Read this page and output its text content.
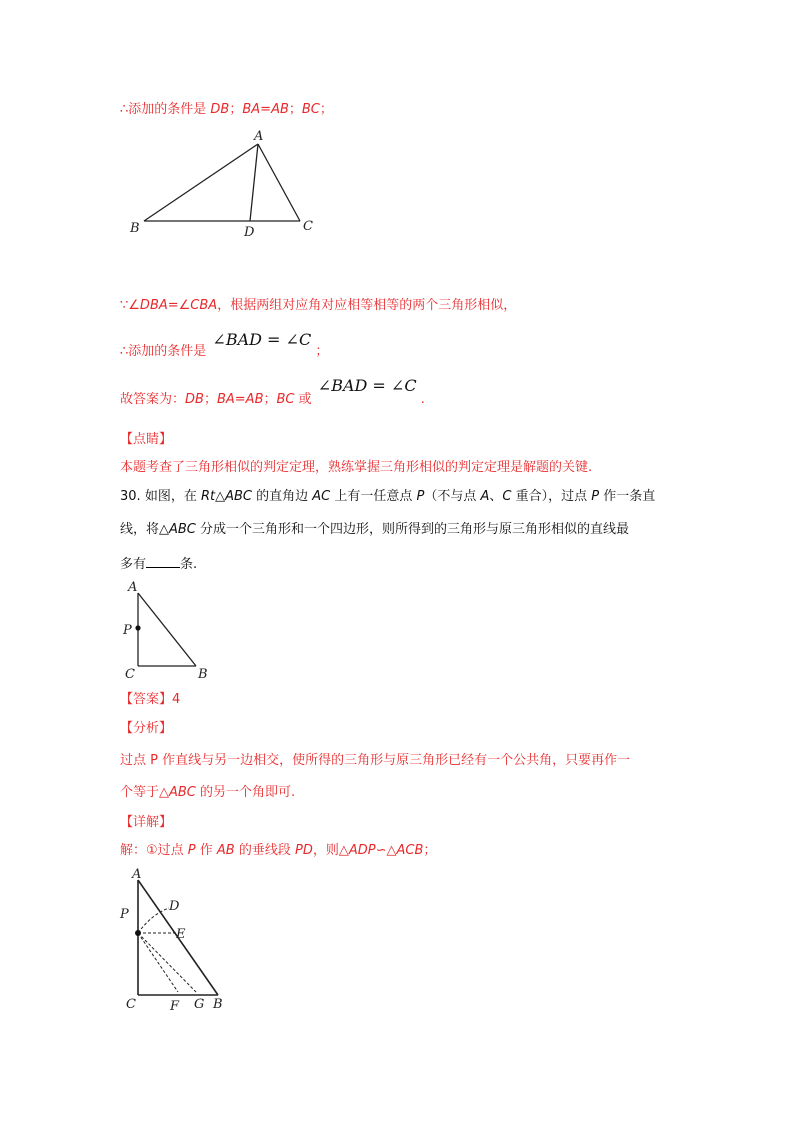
∴添加的条件是 DB；BA=AB；BC；
A
B	D	C
∵∠DBA=∠CBA，根据两组对应角对应相等相等的两个三角形相似，
∴添加的条件是 ∠BAD = ∠C ；
故答案为：DB；BA=AB；BC 或 ∠BAD = ∠C .
【点睛】
本题考查了三角形相似的判定定理，熟练掌握三角形相似的判定定理是解题的关键.
30. 如图，在 Rt△ABC 的直角边 AC 上有一任意点 P（不与点 A、C 重合），过点 P 作一条直
线，将△ABC 分成一个三角形和一个四边形，则所得到的三角形与原三角形相似的直线最
多有	条.
A
P
C	B
【答案】4
【分析】
过点 P 作直线与另一边相交，使所得的三角形与原三角形已经有一个公共角，只要再作一
个等于△ABC 的另一个角即可.
【详解】
解：①过点 P 作 AB 的垂线段 PD，则△ADP∽△ACB；
A
P
D
E
C	F G B
